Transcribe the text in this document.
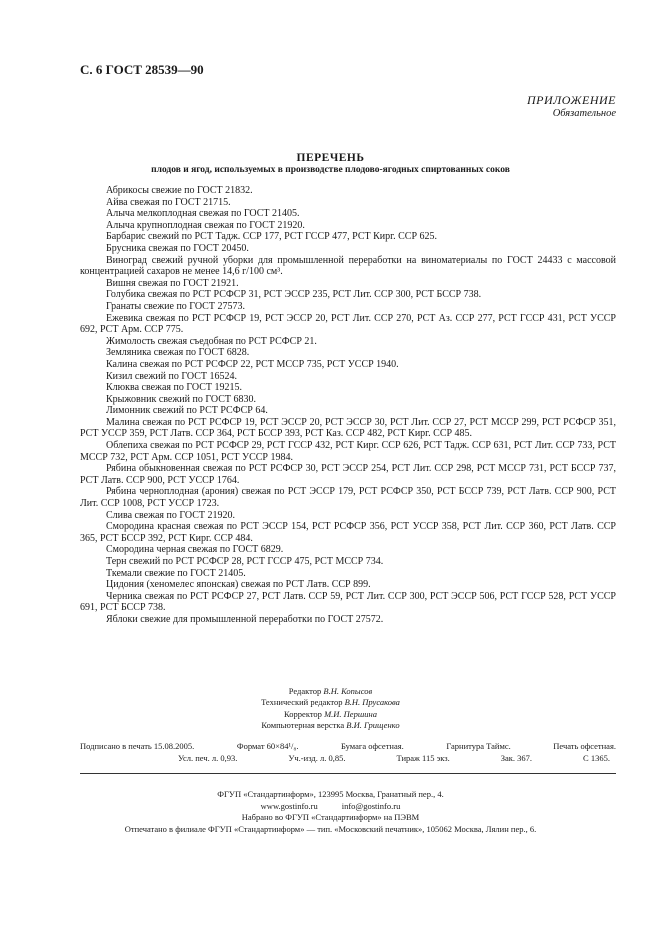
С. 6 ГОСТ 28539—90
ПРИЛОЖЕНИЕ
Обязательное
ПЕРЕЧЕНЬ
плодов и ягод, используемых в производстве плодово-ягодных спиртованных соков
Абрикосы свежие по ГОСТ 21832.
Айва свежая по ГОСТ 21715.
Алыча мелкоплодная свежая по ГОСТ 21405.
Алыча крупноплодная свежая по ГОСТ 21920.
Барбарис свежий по РСТ Тадж. ССР 177, РСТ ГССР 477, РСТ Кирг. ССР 625.
Брусника свежая по ГОСТ 20450.
Виноград свежий ручной уборки для промышленной переработки на виноматериалы по ГОСТ 24433 с массовой концентрацией сахаров не менее 14,6 г/100 см³.
Вишня свежая по ГОСТ 21921.
Голубика свежая по РСТ РСФСР 31, РСТ ЭССР 235, РСТ Лит. ССР 300, РСТ БССР 738.
Гранаты свежие по ГОСТ 27573.
Ежевика свежая по РСТ РСФСР 19, РСТ ЭССР 20, РСТ Лит. ССР 270, РСТ Аз. ССР 277, РСТ ГССР 431, РСТ УССР 692, РСТ Арм. ССР 775.
Жимолость свежая съедобная по РСТ РСФСР 21.
Земляника свежая по ГОСТ 6828.
Калина свежая по РСТ РСФСР 22, РСТ МССР 735, РСТ УССР 1940.
Кизил свежий по ГОСТ 16524.
Клюква свежая по ГОСТ 19215.
Крыжовник свежий по ГОСТ 6830.
Лимонник свежий по РСТ РСФСР 64.
Малина свежая по РСТ РСФСР 19, РСТ ЭССР 20, РСТ ЭССР 30, РСТ Лит. ССР 27, РСТ МССР 299, РСТ РСФСР 351, РСТ УССР 359, РСТ Латв. ССР 364, РСТ БССР 393, РСТ Каз. ССР 482, РСТ Кирг. ССР 485.
Облепиха свежая по РСТ РСФСР 29, РСТ ГССР 432, РСТ Кирг. ССР 626, РСТ Тадж. ССР 631, РСТ Лит. ССР 733, РСТ МССР 732, РСТ Арм. ССР 1051, РСТ УССР 1984.
Рябина обыкновенная свежая по РСТ РСФСР 30, РСТ ЭССР 254, РСТ Лит. ССР 298, РСТ МССР 731, РСТ БССР 737, РСТ Латв. ССР 900, РСТ УССР 1764.
Рябина черноплодная (арония) свежая по РСТ ЭССР 179, РСТ РСФСР 350, РСТ БССР 739, РСТ Латв. ССР 900, РСТ Лит. ССР 1008, РСТ УССР 1723.
Слива свежая по ГОСТ 21920.
Смородина красная свежая по РСТ ЭССР 154, РСТ РСФСР 356, РСТ УССР 358, РСТ Лит. ССР 360, РСТ Латв. ССР 365, РСТ БССР 392, РСТ Кирг. ССР 484.
Смородина черная свежая по ГОСТ 6829.
Терн свежий по РСТ РСФСР 28, РСТ ГССР 475, РСТ МССР 734.
Ткемали свежие по ГОСТ 21405.
Цидония (хеномелес японская) свежая по РСТ Латв. ССР 899.
Черника свежая по РСТ РСФСР 27, РСТ Латв. ССР 59, РСТ Лит. ССР 300, РСТ ЭССР 506, РСТ ГССР 528, РСТ УССР 691, РСТ БССР 738.
Яблоки свежие для промышленной переработки по ГОСТ 27572.
Редактор В.Н. Копысов
Технический редактор В.Н. Прусакова
Корректор М.И. Першина
Компьютерная верстка В.И. Грищенко
Подписано в печать 15.08.2005.	Формат 60×84¹/₈.	Бумага офсетная.	Гарнитура Таймс.	Печать офсетная.
Усл. печ. л. 0,93.	Уч.-изд. л. 0,85.	Тираж 115 экз.	Зак. 367.	С 1365.
ФГУП «Стандартинформ», 123995 Москва, Гранатный пер., 4.
www.gostinfo.ru	info@gostinfo.ru
Набрано во ФГУП «Стандартинформ» на ПЭВМ
Отпечатано в филиале ФГУП «Стандартинформ» — тип. «Московский печатник», 105062 Москва, Лялин пер., 6.
